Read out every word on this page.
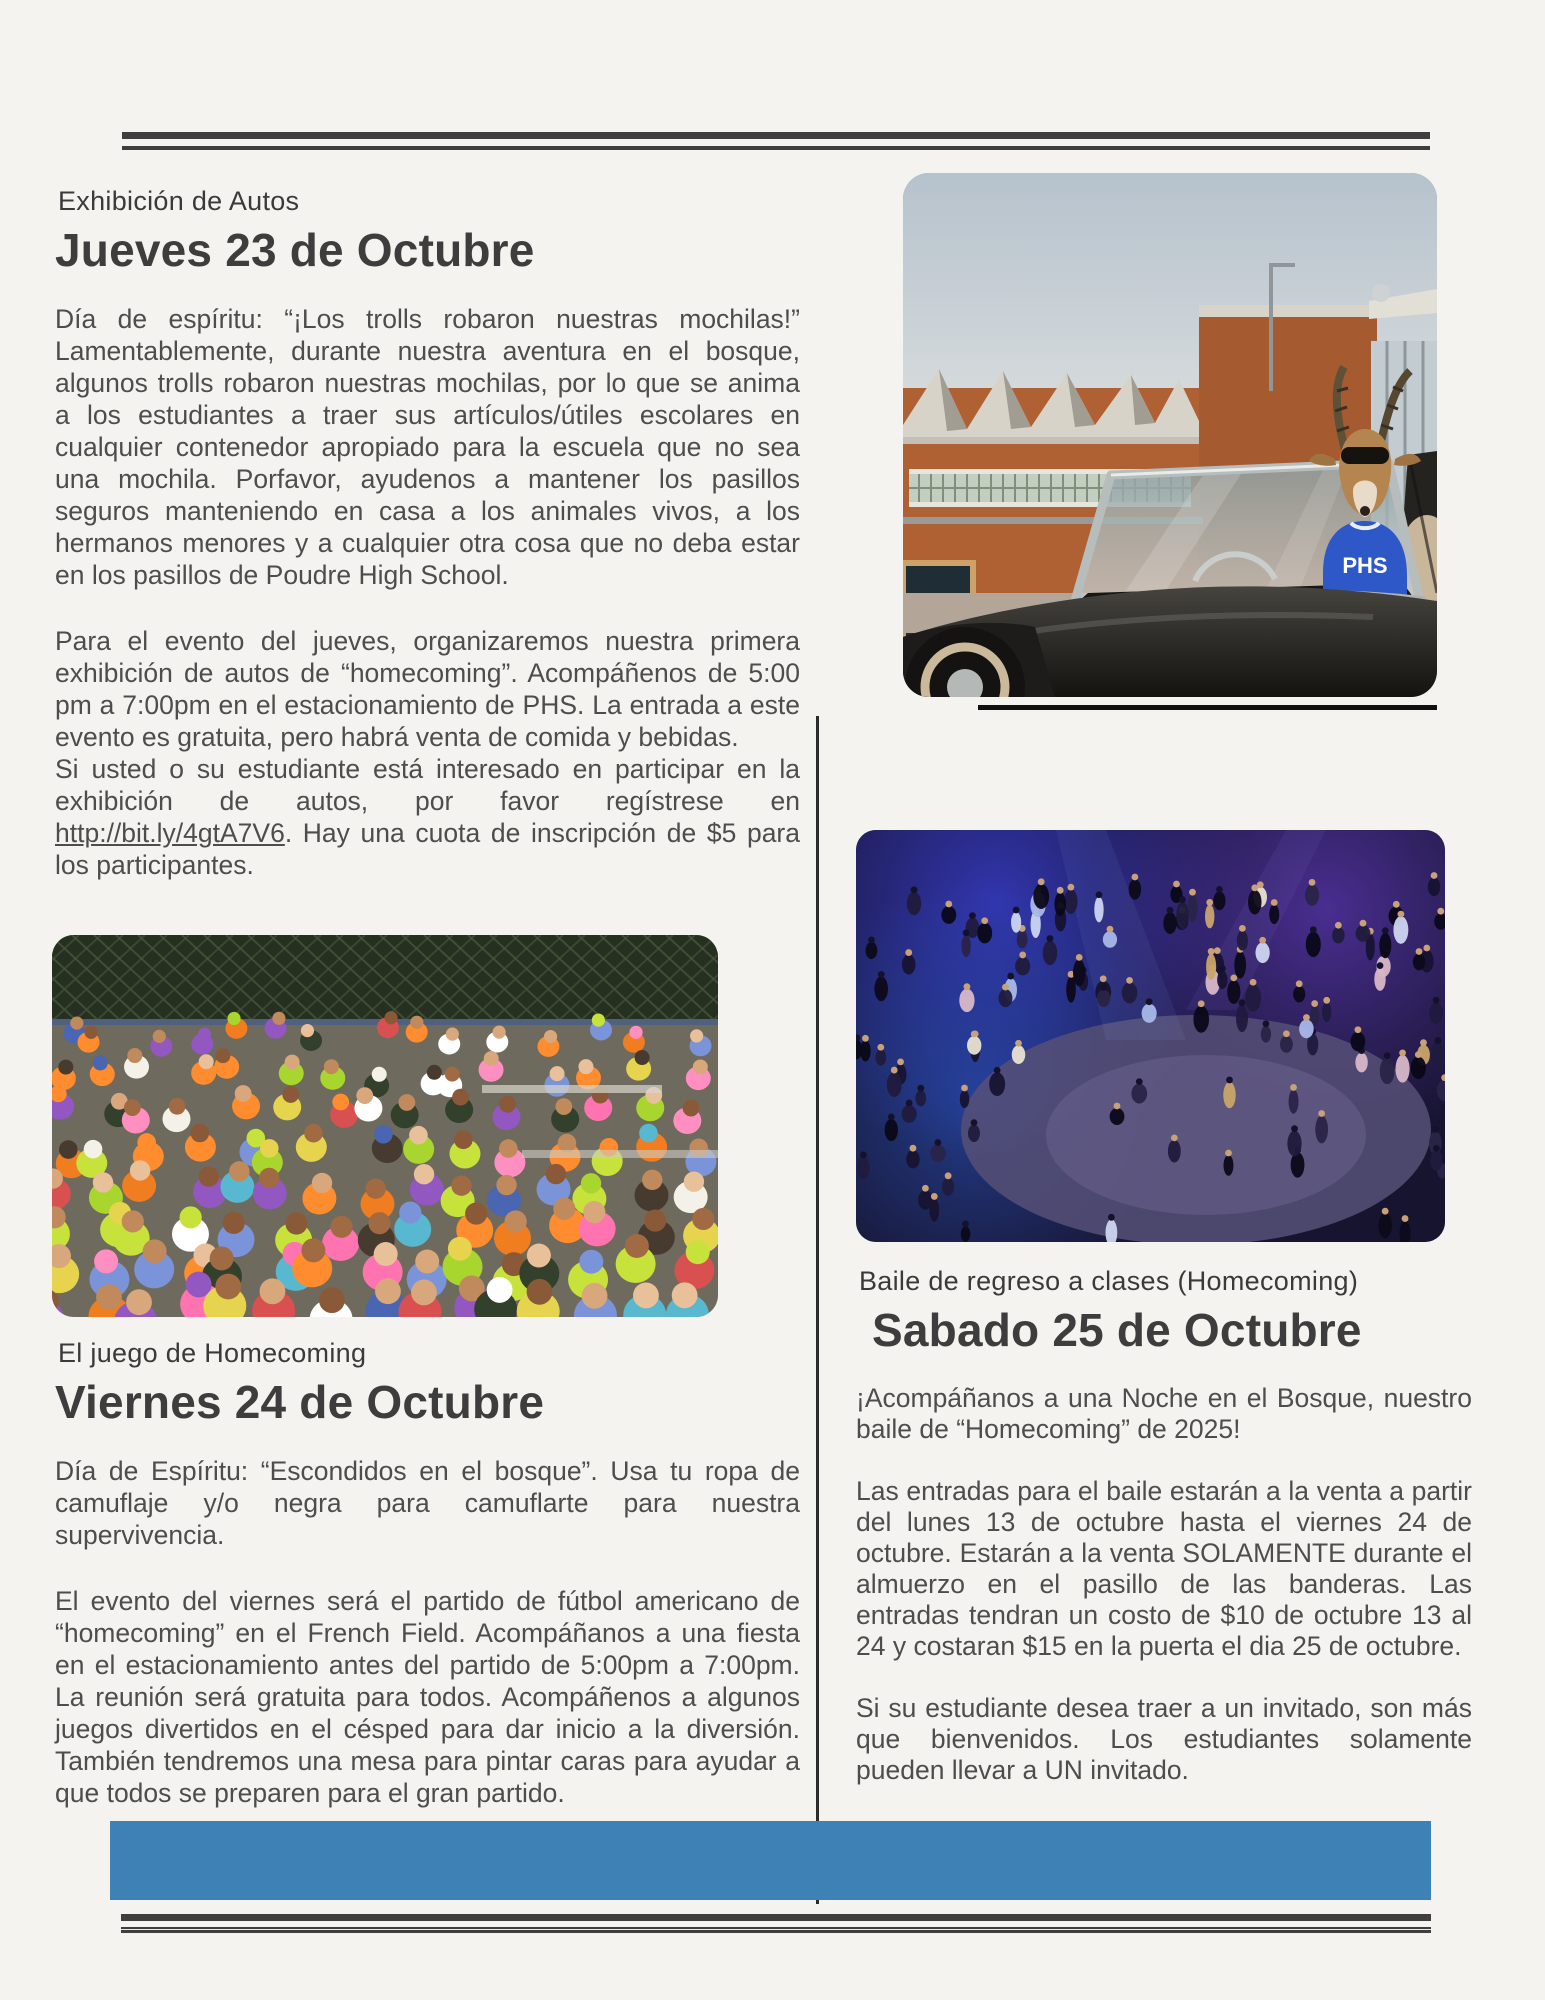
Exhibición de Autos

Jueves 23 de Octubre

Día de espíritu: “¡Los trolls robaron nuestras mochilas!” Lamentablemente, durante nuestra aventura en el bosque, algunos trolls robaron nuestras mochilas, por lo que se anima a los estudiantes a traer sus artículos/útiles escolares en cualquier contenedor apropiado para la escuela que no sea una mochila. Porfavor, ayudenos a mantener los pasillos seguros manteniendo en casa a los animales vivos, a los hermanos menores y a cualquier otra cosa que no deba estar en los pasillos de Poudre High School.

Para el evento del jueves, organizaremos nuestra primera exhibición de autos de “homecoming”. Acompáñenos de 5:00 pm a 7:00pm en el estacionamiento de PHS. La entrada a este evento es gratuita, pero habrá venta de comida y bebidas.

Si usted o su estudiante está interesado en participar en la exhibición de autos, por favor regístrese en http://bit.ly/4gtA7V6. Hay una cuota de inscripción de $5 para los participantes.

PHS

El juego de Homecoming

Viernes 24 de Octubre

Día de Espíritu: “Escondidos en el bosque”. Usa tu ropa de camuflaje y/o negra para camuflarte para nuestra supervivencia.

El evento del viernes será el partido de fútbol americano de “homecoming” en el French Field. Acompáñanos a una fiesta en el estacionamiento antes del partido de 5:00pm a 7:00pm. La reunión será gratuita para todos. Acompáñenos a algunos juegos divertidos en el césped para dar inicio a la diversión. También tendremos una mesa para pintar caras para ayudar a que todos se preparen para el gran partido.

Baile de regreso a clases (Homecoming)

Sabado 25 de Octubre

¡Acompáñanos a una Noche en el Bosque, nuestro baile de “Homecoming” de 2025!

Las entradas para el baile estarán a la venta a partir del lunes 13 de octubre hasta el viernes 24 de octubre. Estarán a la venta SOLAMENTE durante el almuerzo en el pasillo de las banderas. Las entradas tendran un costo de $10 de octubre 13 al 24 y costaran $15 en la puerta el dia 25 de octubre.

Si su estudiante desea traer a un invitado, son más que bienvenidos. Los estudiantes solamente pueden llevar a UN invitado.
